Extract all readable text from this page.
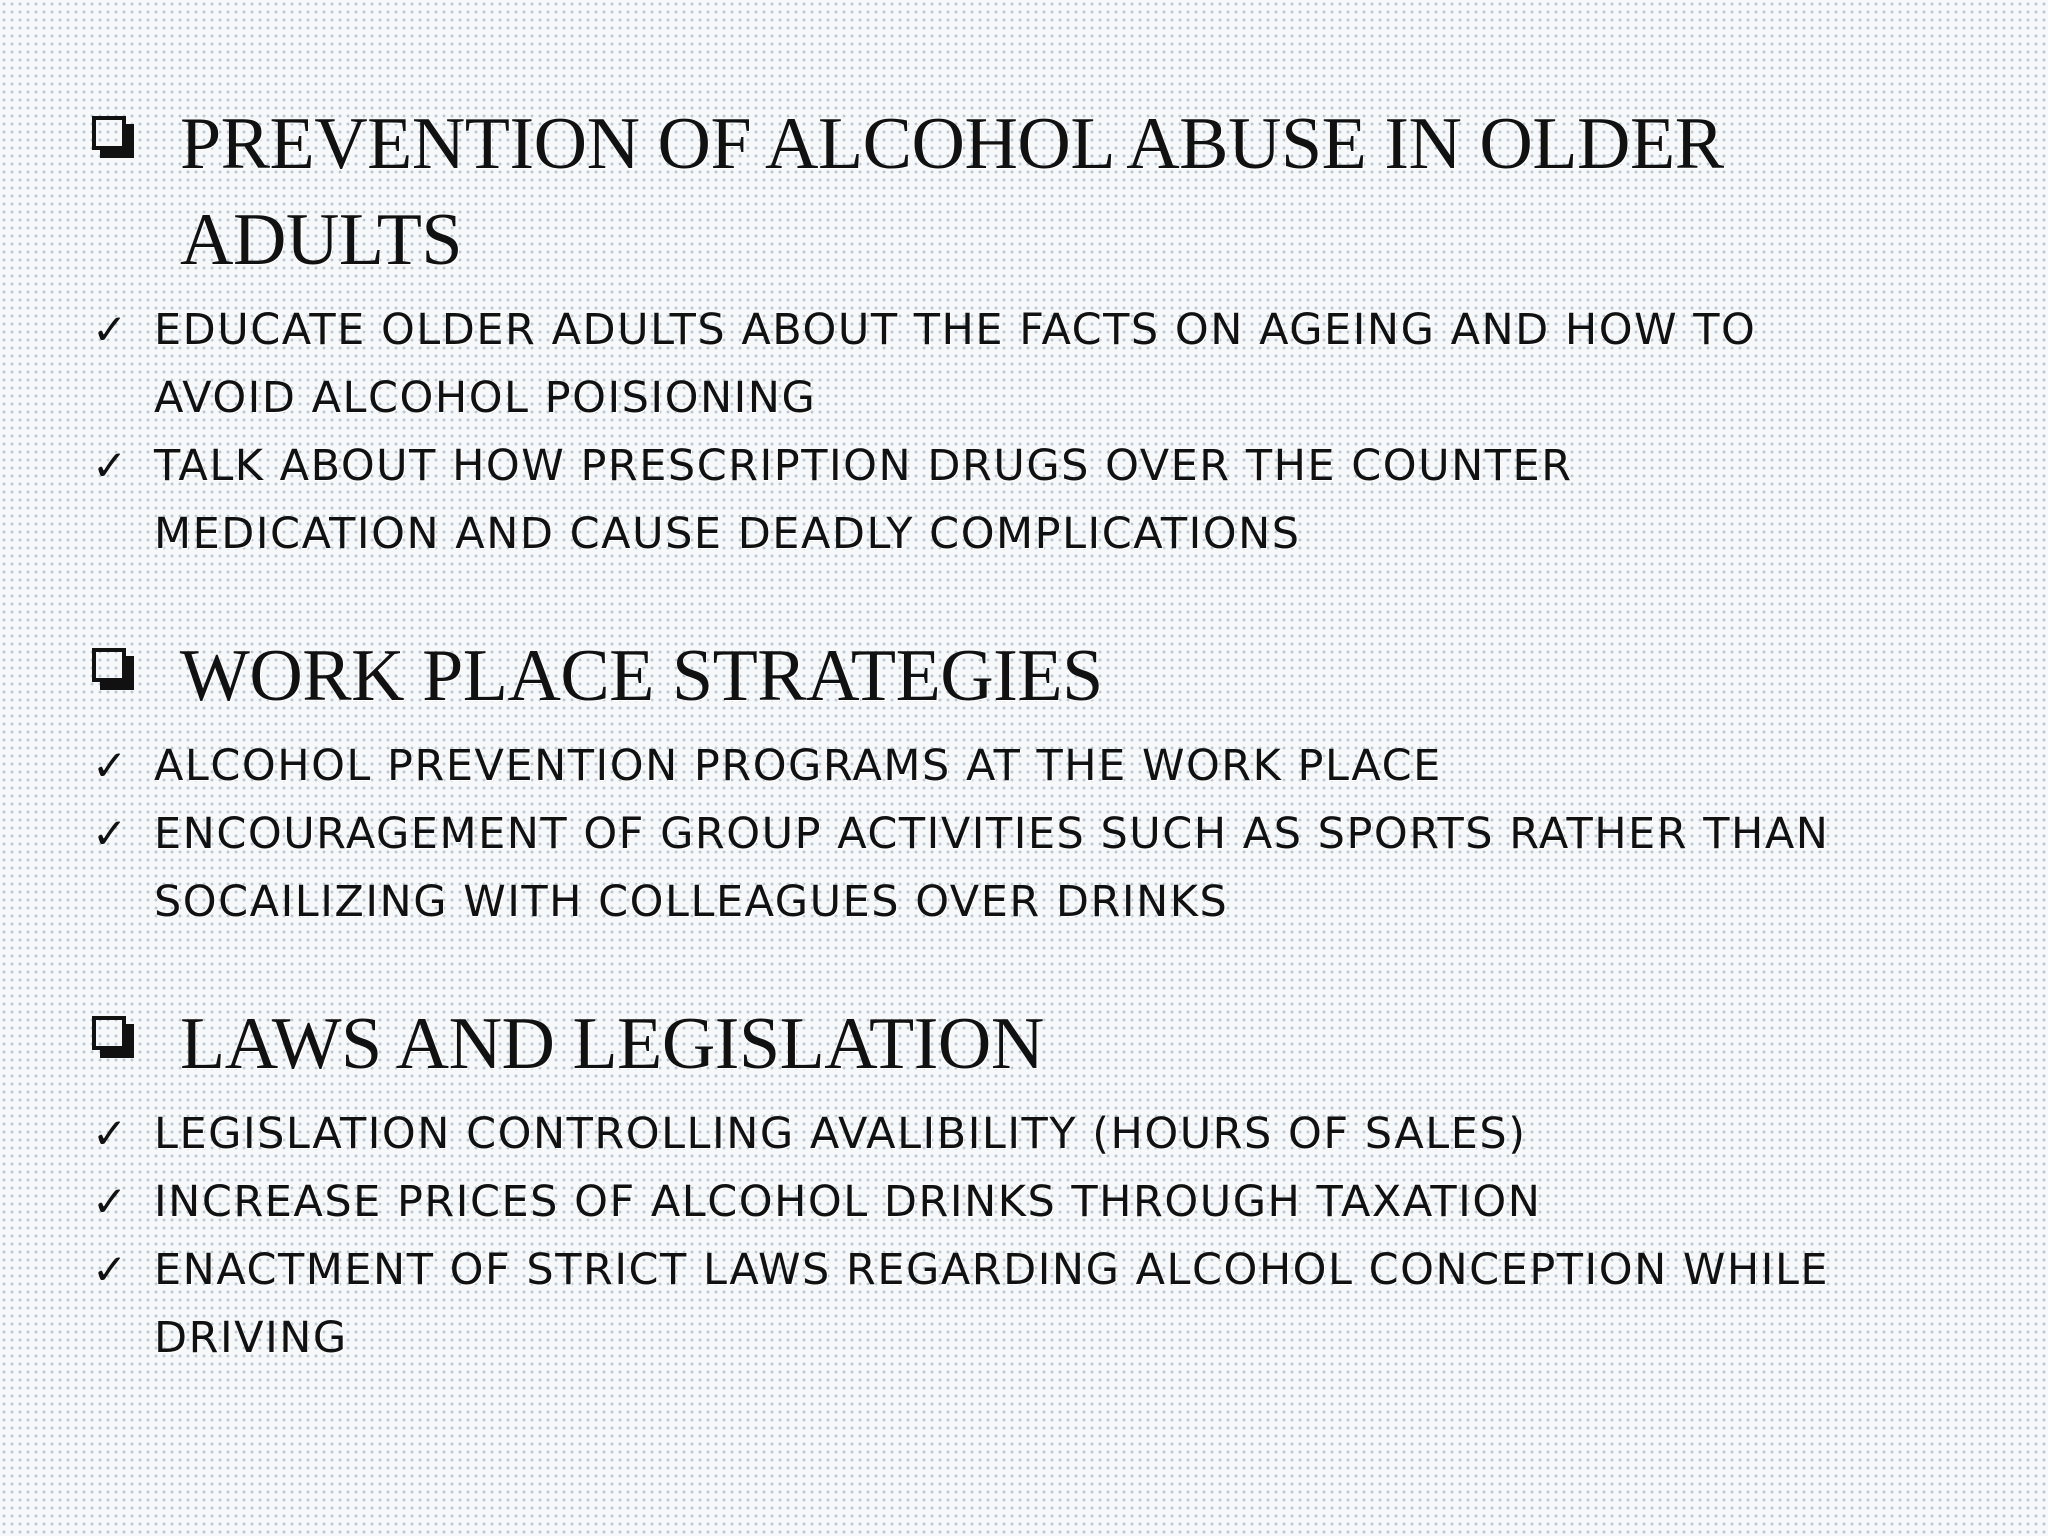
PREVENTION OF ALCOHOL ABUSE IN OLDER ADULTS
✓ EDUCATE OLDER ADULTS ABOUT THE FACTS ON AGEING AND HOW TO AVOID ALCOHOL POISIONING
✓ TALK ABOUT HOW PRESCRIPTION DRUGS OVER THE COUNTER MEDICATION AND CAUSE DEADLY COMPLICATIONS
WORK PLACE STRATEGIES
✓ ALCOHOL PREVENTION PROGRAMS AT THE WORK PLACE
✓ ENCOURAGEMENT OF GROUP ACTIVITIES SUCH AS SPORTS RATHER THAN SOCAILIZING WITH COLLEAGUES OVER DRINKS
LAWS AND LEGISLATION
✓ LEGISLATION CONTROLLING AVALIBILITY (HOURS OF SALES)
✓ INCREASE PRICES OF ALCOHOL DRINKS THROUGH TAXATION
✓ ENACTMENT OF STRICT LAWS REGARDING ALCOHOL CONCEPTION WHILE DRIVING
